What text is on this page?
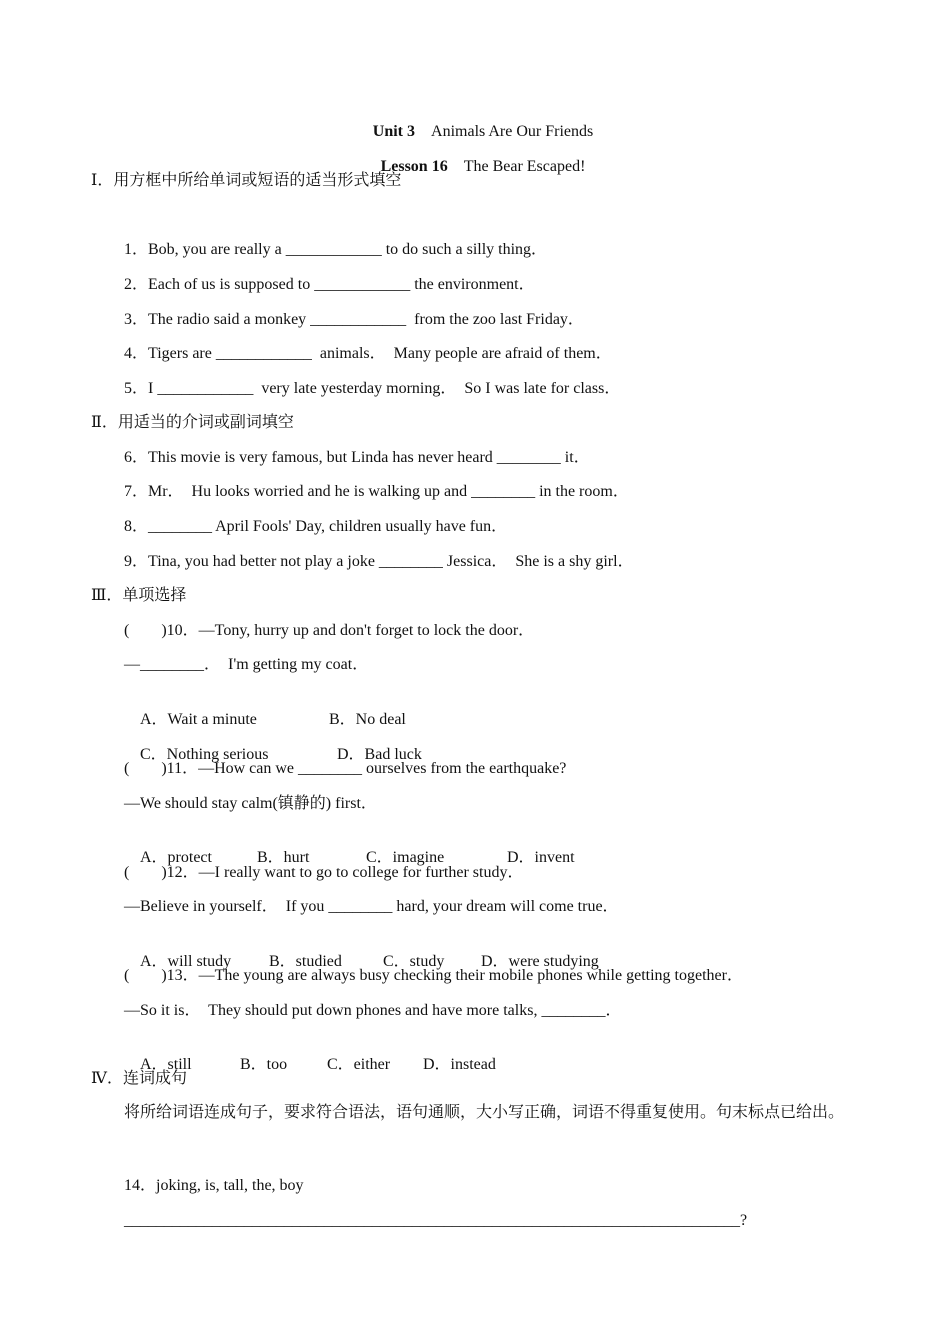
Unit 3　 Animals Are Our Friends

Lesson 16　 The Bear Escaped!

Ⅰ．用方框中所给单词或短语的适当形式填空
1．Bob, you are really a ____________ to do such a silly thing．
2．Each of us is supposed to ____________ the environment．
3．The radio said a monkey ____________  from the zoo last Friday．
4．Tigers are ____________  animals．  Many people are afraid of them．
5．I ____________  very late yesterday morning．  So I was late for class．
Ⅱ．用适当的介词或副词填空
6．This movie is very famous, but Linda has never heard ________ it．
7．Mr．  Hu looks worried and he is walking up and ________ in the room．
8．________ April Fools' Day, children usually have fun．
9．Tina, you had better not play a joke ________ Jessica．  She is a shy girl．
Ⅲ．单项选择
(　　)10．—Tony, hurry up and don't forget to lock the door．
—________．  I'm getting my coat．

A．Wait a minute	B．No deal

C．Nothing serious	D．Bad luck

(　　)11．—How can we ________ ourselves from the earthquake?
—We should stay calm(镇静的) first．

A．protect	B．hurt	C．imagine	D．invent

(　　)12．—I really want to go to college for further study．
—Believe in yourself．  If you ________ hard, your dream will come true．

A．will study B．studied	C．study D．were studying

(　　)13．—The young are always busy checking their mobile phones while getting together．
—So it is．  They should put down phones and have more talks, ________．

A．still	B．too C．either D．instead

Ⅳ．连词成句
将所给词语连成句子，要求符合语法，语句通顺，大小写正确，词语不得重复使用。句末标点已给出。
14．joking, is, tall, the, boy
_____________________________________________________________________________?
